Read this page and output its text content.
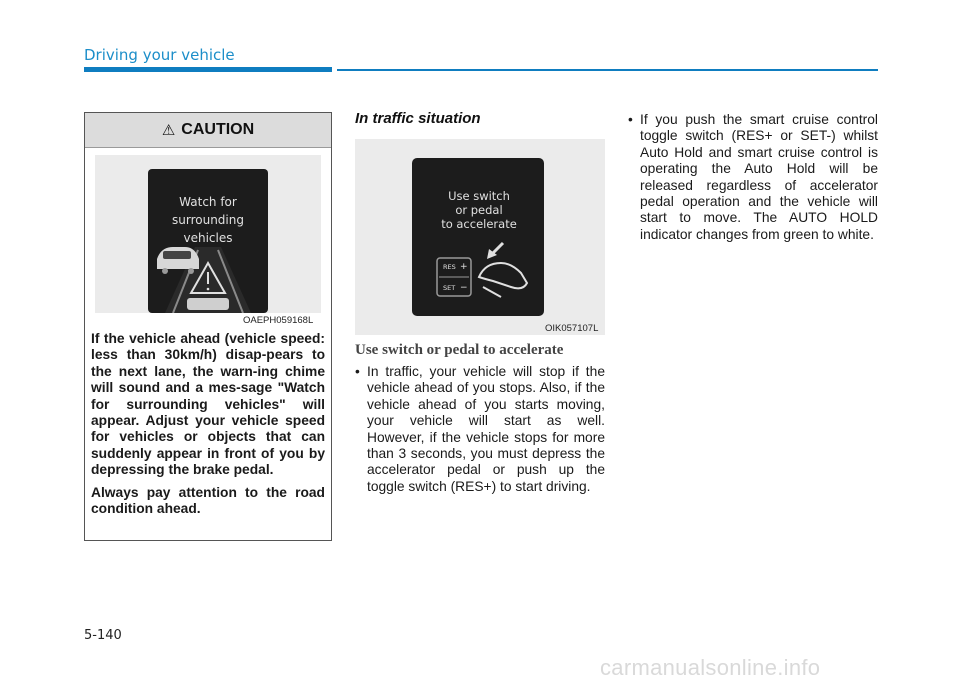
Driving your vehicle
⚠ CAUTION
Watch for
surrounding
vehicles
OAEPH059168L

If the vehicle ahead (vehicle speed: less than 30km/h) disap-pears to the next lane, the warn-ing chime will sound and a mes-sage "Watch for surrounding vehicles" will appear. Adjust your vehicle speed for vehicles or objects that can suddenly appear in front of you by depressing the brake pedal.

Always pay attention to the road condition ahead.

In traffic situation
Use switch
or pedal
to accelerate
RES +
SET −
OIK057107L
Use switch or pedal to accelerate
• In traffic, your vehicle will stop if the vehicle ahead of you stops. Also, if the vehicle ahead of you starts moving, your vehicle will start as well. However, if the vehicle stops for more than 3 seconds, you must depress the accelerator pedal or push up the toggle switch (RES+) to start driving.
• If you push the smart cruise control toggle switch (RES+ or SET-) whilst Auto Hold and smart cruise control is operating the Auto Hold will be released regardless of accelerator pedal operation and the vehicle will start to move. The AUTO HOLD indicator changes from green to white.
5-140
carmanualsonline.info
